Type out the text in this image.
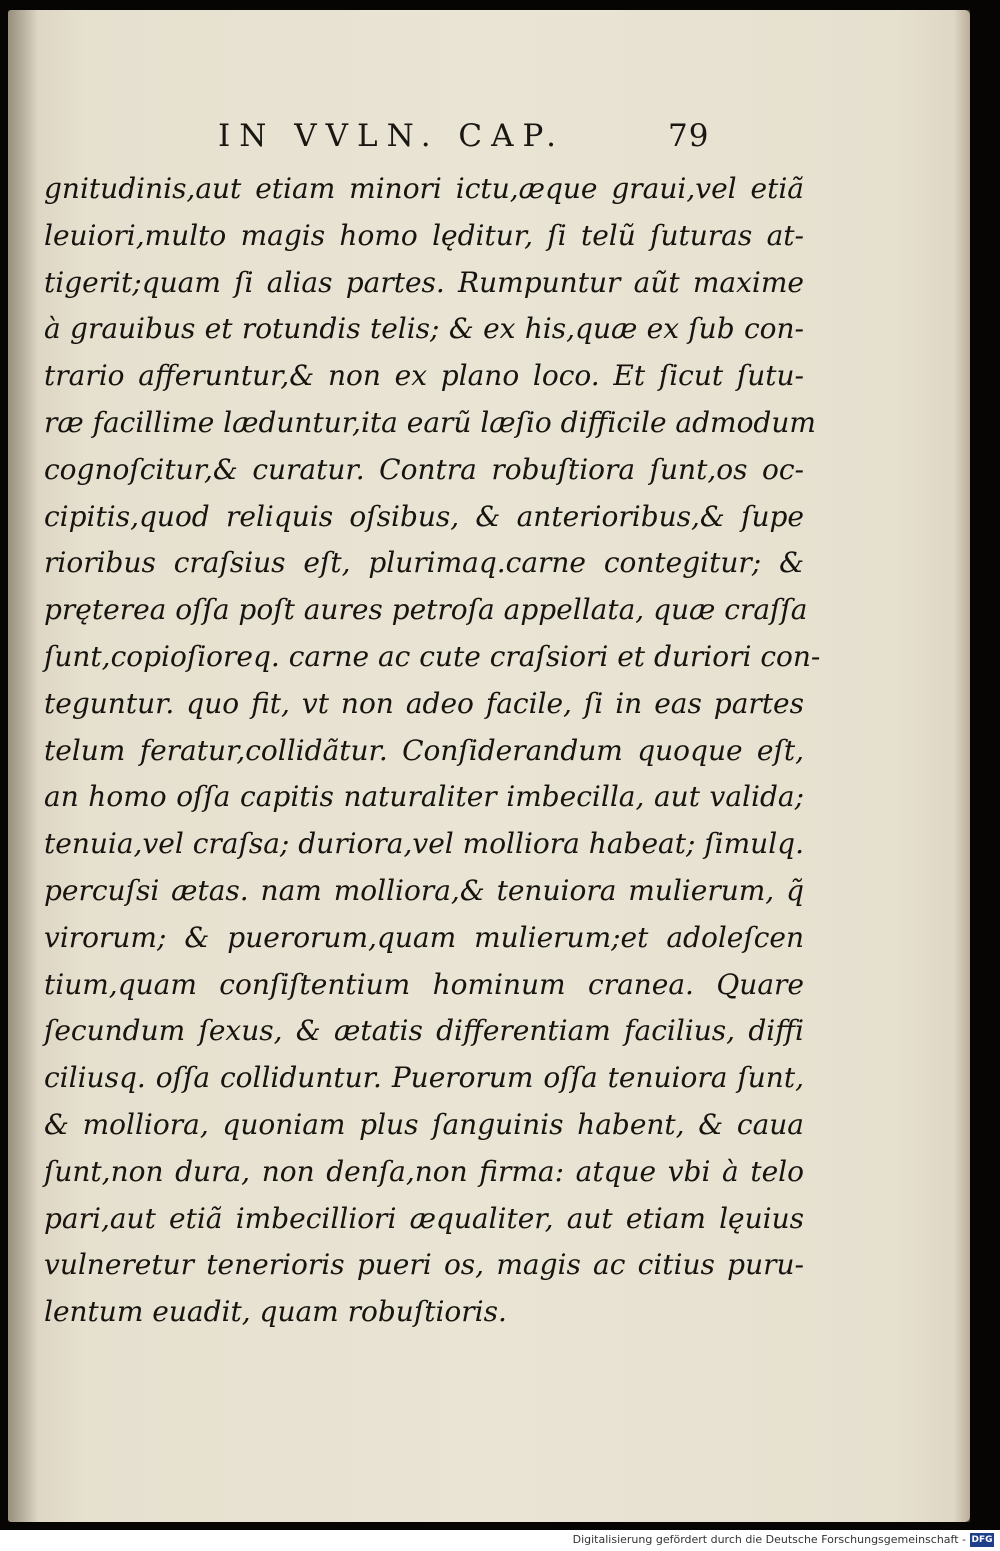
IN VVLN. CAP.	79
gnitudinis,aut etiam minori ictu,æque graui,vel etiã
leuiori,multo magis homo lęditur, ſi telũ ſuturas at-
tigerit;quam ſi alias partes. Rumpuntur aũt maxime
à grauibus et rotundis telis; & ex his,quæ ex ſub con-
trario afferuntur,& non ex plano loco. Et ſicut ſutu-
ræ facillime læduntur,ita earũ læſio difficile admodum
cognoſcitur,& curatur. Contra robuſtiora ſunt,os oc-
cipitis,quod reliquis oſsibus, & anterioribus,& ſupe
rioribus craſsius eſt, plurimaq.carne contegitur; &
pręterea oſſa poſt aures petroſa appellata, quæ craſſa
ſunt,copioſioreq. carne ac cute craſsiori et duriori con-
teguntur. quo fit, vt non adeo facile, ſi in eas partes
telum feratur,collidãtur. Conſiderandum quoque eſt,
an homo oſſa capitis naturaliter imbecilla, aut valida;
tenuia,vel craſsa; duriora,vel molliora habeat; ſimulq.
percuſsi ætas. nam molliora,& tenuiora mulierum, q̃
virorum; & puerorum,quam mulierum;et adoleſcen
tium,quam conſiſtentium hominum cranea. Quare
ſecundum ſexus, & ætatis differentiam facilius, diffi
ciliusq. oſſa colliduntur. Puerorum oſſa tenuiora ſunt,
& molliora, quoniam plus ſanguinis habent, & caua
ſunt,non dura, non denſa,non firma: atque vbi à telo
pari,aut etiã imbecilliori æqualiter, aut etiam lęuius
vulneretur tenerioris pueri os, magis ac citius puru-
lentum euadit, quam robuſtioris.
Digitalisierung gefördert durch die Deutsche Forschungsgemeinschaft - DFG
